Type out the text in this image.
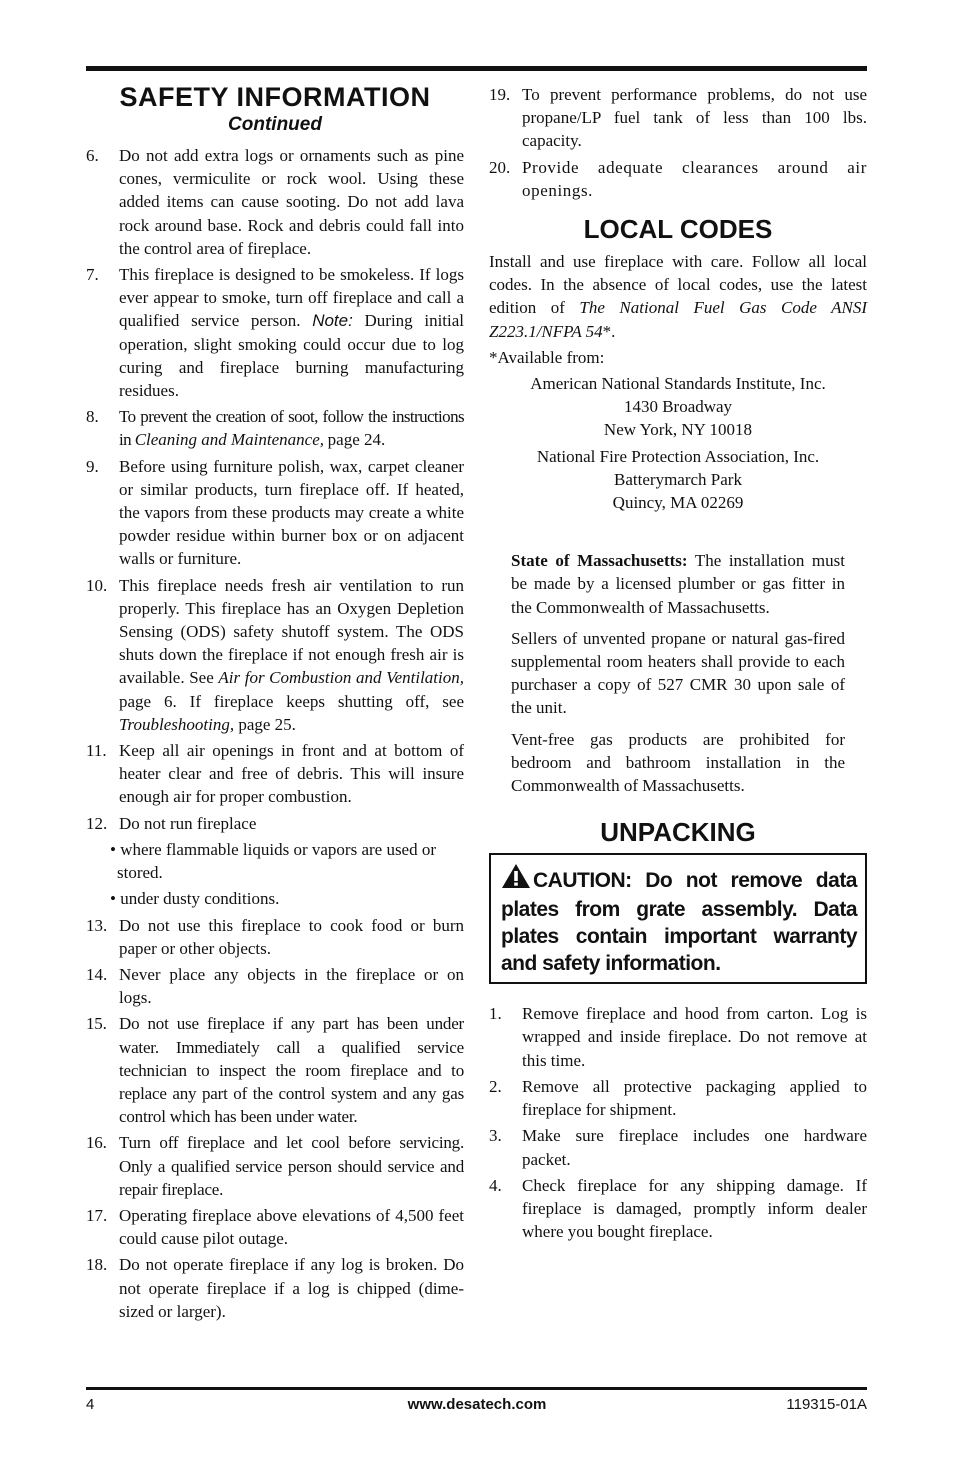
SAFETY INFORMATION
Continued
6. Do not add extra logs or ornaments such as pine cones, vermiculite or rock wool. Using these added items can cause sooting. Do not add lava rock around base. Rock and debris could fall into the control area of fireplace.
7. This fireplace is designed to be smokeless. If logs ever appear to smoke, turn off fireplace and call a qualified service person. Note: During initial operation, slight smoking could occur due to log curing and fireplace burning manufacturing residues.
8. To prevent the creation of soot, follow the instructions in Cleaning and Maintenance, page 24.
9. Before using furniture polish, wax, carpet cleaner or similar products, turn fireplace off. If heated, the vapors from these products may create a white powder residue within burner box or on adjacent walls or furniture.
10. This fireplace needs fresh air ventilation to run properly. This fireplace has an Oxygen Depletion Sensing (ODS) safety shutoff system. The ODS shuts down the fireplace if not enough fresh air is available. See Air for Combustion and Ventilation, page 6. If fireplace keeps shutting off, see Troubleshooting, page 25.
11. Keep all air openings in front and at bottom of heater clear and free of debris. This will insure enough air for proper combustion.
12. Do not run fireplace
• where flammable liquids or vapors are used or stored.
• under dusty conditions.
13. Do not use this fireplace to cook food or burn paper or other objects.
14. Never place any objects in the fireplace or on logs.
15. Do not use fireplace if any part has been under water. Immediately call a qualified service technician to inspect the room fireplace and to replace any part of the control system and any gas control which has been under water.
16. Turn off fireplace and let cool before servicing. Only a qualified service person should service and repair fireplace.
17. Operating fireplace above elevations of 4,500 feet could cause pilot outage.
18. Do not operate fireplace if any log is broken. Do not operate fireplace if a log is chipped (dime-sized or larger).
19. To prevent performance problems, do not use propane/LP fuel tank of less than 100 lbs. capacity.
20. Provide adequate clearances around air openings.
LOCAL CODES

Install and use fireplace with care. Follow all local codes. In the absence of local codes, use the latest edition of The National Fuel Gas Code ANSI Z223.1/NFPA 54*.

*Available from:

American National Standards Institute, Inc.
1430 Broadway
New York, NY 10018
National Fire Protection Association, Inc.
Batterymarch Park
Quincy, MA 02269
State of Massachusetts: The installation must be made by a licensed plumber or gas fitter in the Commonwealth of Massachusetts.
Sellers of unvented propane or natural gas-fired supplemental room heaters shall provide to each purchaser a copy of 527 CMR 30 upon sale of the unit.
Vent-free gas products are prohibited for bedroom and bathroom installation in the Commonwealth of Massachusetts.
UNPACKING
CAUTION: Do not remove data plates from grate assembly. Data plates contain important warranty and safety information.
1. Remove fireplace and hood from carton. Log is wrapped and inside fireplace. Do not remove at this time.
2. Remove all protective packaging applied to fireplace for shipment.
3. Make sure fireplace includes one hardware packet.
4. Check fireplace for any shipping damage. If fireplace is damaged, promptly inform dealer where you bought fireplace.
4	www.desatech.com	119315-01A
